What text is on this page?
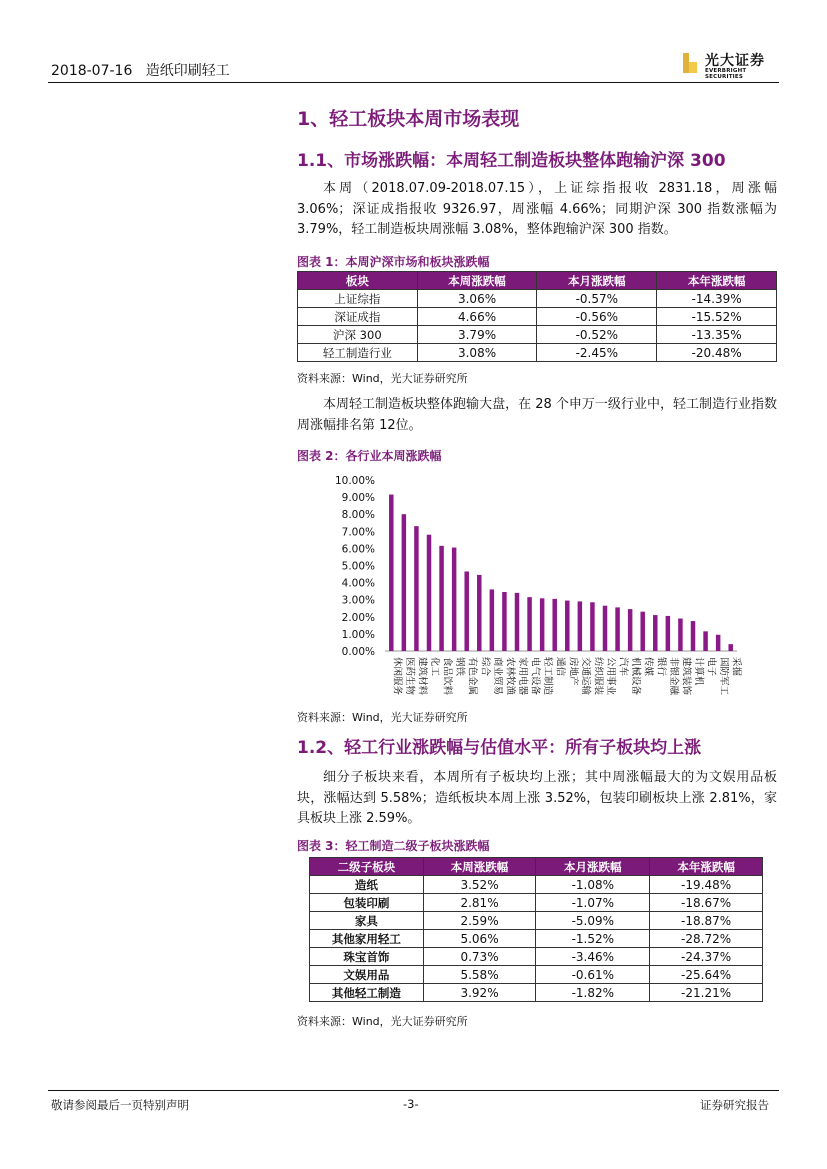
2018-07-16   造纸印刷轻工
光大证券
EVERBRIGHT SECURITIES
1、轻工板块本周市场表现
1.1、市场涨跌幅：本周轻工制造板块整体跑输沪深 300

本周（2018.07.09-2018.07.15），上证综指报收 2831.18，周涨幅 3.06%；深证成指报收 9326.97，周涨幅 4.66%；同期沪深 300 指数涨幅为 3.79%，轻工制造板块周涨幅 3.08%，整体跑输沪深 300 指数。

图表 1：本周沪深市场和板块涨跌幅
板块	本周涨跌幅	本月涨跌幅	本年涨跌幅
上证综指	3.06%	-0.57%	-14.39%
深证成指	4.66%	-0.56%	-15.52%
沪深 300	3.79%	-0.52%	-13.35%
轻工制造行业	3.08%	-2.45%	-20.48%
资料来源：Wind，光大证券研究所

本周轻工制造板块整体跑输大盘，在 28 个申万一级行业中，轻工制造行业指数周涨幅排名第 12位。

图表 2：各行业本周涨跌幅
10.00%
9.00%
8.00%
7.00%
6.00%
5.00%
4.00%
3.00%
2.00%
1.00%
0.00%
休闲服务 医药生物 建筑材料 化工 食品饮料 钢铁 有色金属 综合 商业贸易 农林牧渔 家用电器 电气设备 轻工制造 通信 房地产 交通运输 纺织服装 公用事业 汽车 机械设备 传媒 银行 非银金融 建筑装饰 计算机 电子 国防军工 采掘
资料来源：Wind，光大证券研究所
1.2、轻工行业涨跌幅与估值水平：所有子板块均上涨

细分子板块来看，本周所有子板块均上涨；其中周涨幅最大的为文娱用品板块，涨幅达到 5.58%；造纸板块本周上涨 3.52%，包装印刷板块上涨 2.81%，家具板块上涨 2.59%。

图表 3：轻工制造二级子板块涨跌幅
二级子板块	本周涨跌幅	本月涨跌幅	本年涨跌幅
造纸	3.52%	-1.08%	-19.48%
包装印刷	2.81%	-1.07%	-18.67%
家具	2.59%	-5.09%	-18.87%
其他家用轻工	5.06%	-1.52%	-28.72%
珠宝首饰	0.73%	-3.46%	-24.37%
文娱用品	5.58%	-0.61%	-25.64%
其他轻工制造	3.92%	-1.82%	-21.21%
资料来源：Wind，光大证券研究所
敬请参阅最后一页特别声明	-3-	证券研究报告
